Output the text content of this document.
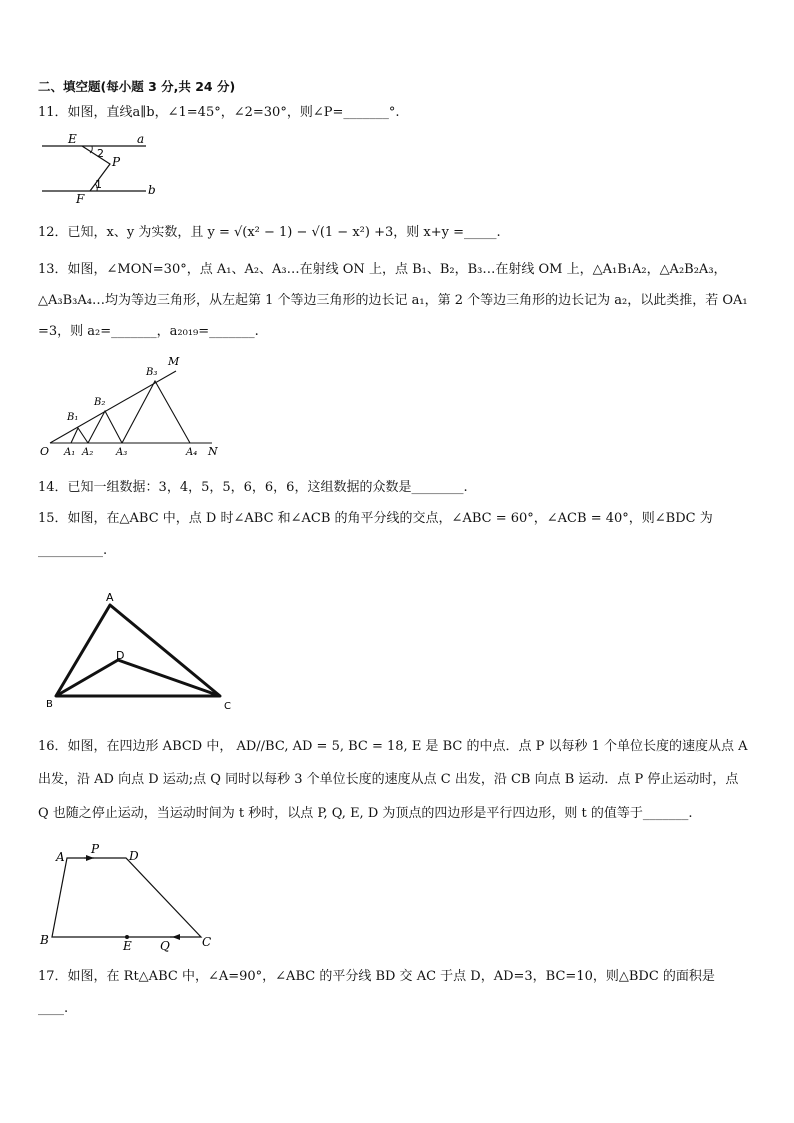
二、填空题(每小题 3 分,共 24 分)
11．如图，直线a∥b，∠1=45°，∠2=30°，则∠P=_______°.
E	a
2
P
1	b
F
12．已知，x、y 为实数，且 y = √(x² − 1) − √(1 − x²) +3，则 x+y =_____.
13．如图，∠MON=30°，点 A₁、A₂、A₃…在射线 ON 上，点 B₁、B₂，B₃…在射线 OM 上，△A₁B₁A₂，△A₂B₂A₃，
△A₃B₃A₄…均为等边三角形，从左起第 1 个等边三角形的边长记 a₁，第 2 个等边三角形的边长记为 a₂，以此类推，若 OA₁
=3，则 a₂=_______，a₂₀₁₉=_______.
M
B₃
B₂
B₁
O A₁ A₂ A₃	A₄ N
14．已知一组数据：3，4，5，5，6，6，6，这组数据的众数是________.
15．如图，在△ABC 中，点 D 时∠ABC 和∠ACB 的角平分线的交点，∠ABC = 60°，∠ACB = 40°，则∠BDC 为
__________.
A
D
B	C
16．如图，在四边形 ABCD 中， AD//BC, AD = 5, BC = 18, E 是 BC 的中点．点 P 以每秒 1 个单位长度的速度从点 A
出发，沿 AD 向点 D 运动;点 Q 同时以每秒 3 个单位长度的速度从点 C 出发，沿 CB 向点 B 运动．点 P 停止运动时，点
Q 也随之停止运动，当运动时间为 t 秒时，以点 P, Q, E, D 为顶点的四边形是平行四边形，则 t 的值等于_______.
A
P D
B	E Q	C
17．如图，在 Rt△ABC 中，∠A=90°，∠ABC 的平分线 BD 交 AC 于点 D，AD=3，BC=10，则△BDC 的面积是
____.
